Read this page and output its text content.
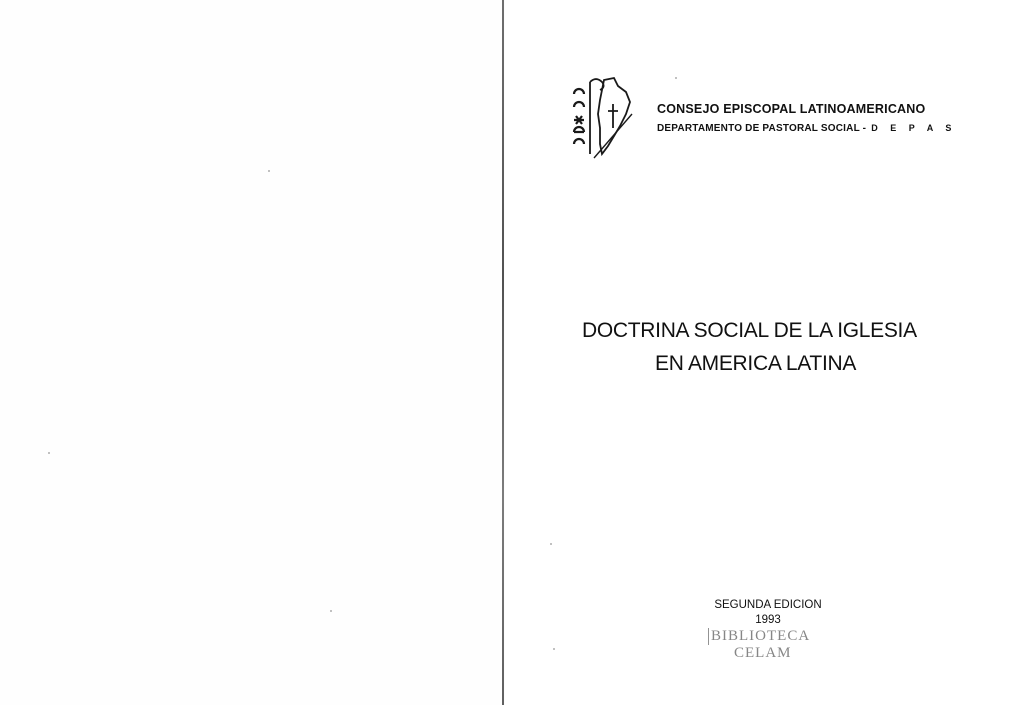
CONSEJO EPISCOPAL LATINOAMERICANO
DEPARTAMENTO DE PASTORAL SOCIAL - D E P A S
DOCTRINA SOCIAL DE LA IGLESIA
EN AMERICA LATINA
SEGUNDA EDICION
1993
BIBLIOTECA
CELAM
